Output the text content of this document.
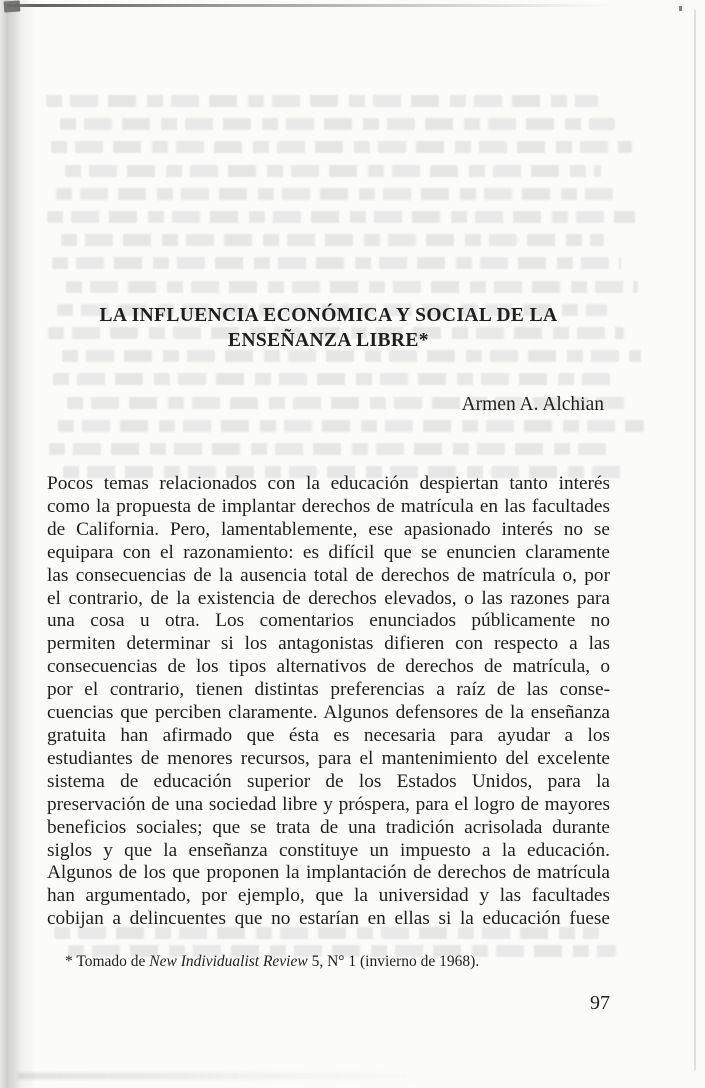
LA INFLUENCIA ECONÓMICA Y SOCIAL DE LA
ENSEÑANZA LIBRE*
Armen A. Alchian
Pocos temas relacionados con la educación despiertan tanto interés
como la propuesta de implantar derechos de matrícula en las facultades
de California. Pero, lamentablemente, ese apasionado interés no se
equipara con el razonamiento: es difícil que se enuncien claramente
las consecuencias de la ausencia total de derechos de matrícula o, por
el contrario, de la existencia de derechos elevados, o las razones para
una cosa u otra. Los comentarios enunciados públicamente no
permiten determinar si los antagonistas difieren con respecto a las
consecuencias de los tipos alternativos de derechos de matrícula, o
por el contrario, tienen distintas preferencias a raíz de las conse-
cuencias que perciben claramente. Algunos defensores de la enseñanza
gratuita han afirmado que ésta es necesaria para ayudar a los
estudiantes de menores recursos, para el mantenimiento del excelente
sistema de educación superior de los Estados Unidos, para la
preservación de una sociedad libre y próspera, para el logro de mayores
beneficios sociales; que se trata de una tradición acrisolada durante
siglos y que la enseñanza constituye un impuesto a la educación.
Algunos de los que proponen la implantación de derechos de matrícula
han argumentado, por ejemplo, que la universidad y las facultades
cobijan a delincuentes que no estarían en ellas si la educación fuese
* Tomado de New Individualist Review 5, N° 1 (invierno de 1968).
97
